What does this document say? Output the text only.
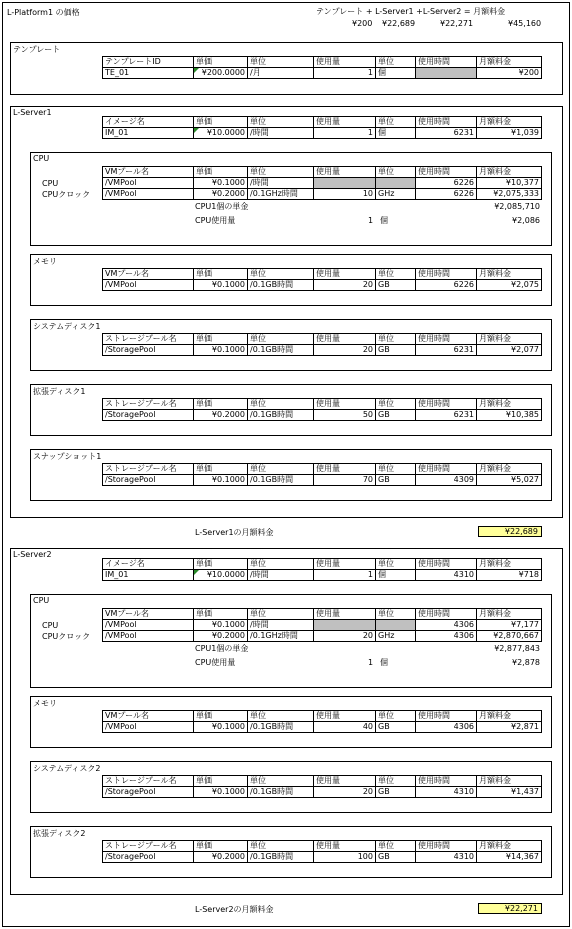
L-Platform1 の価格	テンプレート + L-Server1 +L-Server2 = 月額料金
¥200 ¥22,689	¥22,271	¥45,160
テンプレート
テンプレートID	単価	単位	使用量	単位	使用時間	月額料金
TE_01	¥200.0000	/月	1	個		¥200
L-Server1
イメージ名	単価	単位	使用量	単位	使用時間	月額料金
IM_01	¥10.0000	/時間	1	個	6231	¥1,039
CPU
VMプール名	単価	単位	使用量	単位	使用時間	月額料金
/VMPool	¥0.1000	/時間			6226	¥10,377
/VMPool	¥0.2000	/0.1GHz時間	10	GHz	6226	¥2,075,333
CPU
CPUクロック
CPU1個の単金	¥2,085,710
CPU使用量	1 個	¥2,086
メモリ
VMプール名	単価	単位	使用量	単位	使用時間	月額料金
/VMPool	¥0.1000	/0.1GB時間	20	GB	6226	¥2,075
システムディスク1
ストレージプール名	単価	単位	使用量	単位	使用時間	月額料金
/StoragePool	¥0.1000	/0.1GB時間	20	GB	6231	¥2,077
拡張ディスク1
ストレージプール名	単価	単位	使用量	単位	使用時間	月額料金
/StoragePool	¥0.2000	/0.1GB時間	50	GB	6231	¥10,385
スナップショット1
ストレージプール名	単価	単位	使用量	単位	使用時間	月額料金
/StoragePool	¥0.1000	/0.1GB時間	70	GB	4309	¥5,027
L-Server1の月額料金	¥22,689
L-Server2
イメージ名	単価	単位	使用量	単位	使用時間	月額料金
IM_01	¥10.0000	/時間	1	個	4310	¥718
CPU
VMプール名	単価	単位	使用量	単位	使用時間	月額料金
/VMPool	¥0.1000	/時間			4306	¥7,177
/VMPool	¥0.2000	/0.1GHz時間	20	GHz	4306	¥2,870,667
CPU
CPUクロック
CPU1個の単金	¥2,877,843
CPU使用量	1 個	¥2,878
メモリ
VMプール名	単価	単位	使用量	単位	使用時間	月額料金
/VMPool	¥0.1000	/0.1GB時間	40	GB	4306	¥2,871
システムディスク2
ストレージプール名	単価	単位	使用量	単位	使用時間	月額料金
/StoragePool	¥0.1000	/0.1GB時間	20	GB	4310	¥1,437
拡張ディスク2
ストレージプール名	単価	単位	使用量	単位	使用時間	月額料金
/StoragePool	¥0.2000	/0.1GB時間	100	GB	4310	¥14,367
L-Server2の月額料金	¥22,271
